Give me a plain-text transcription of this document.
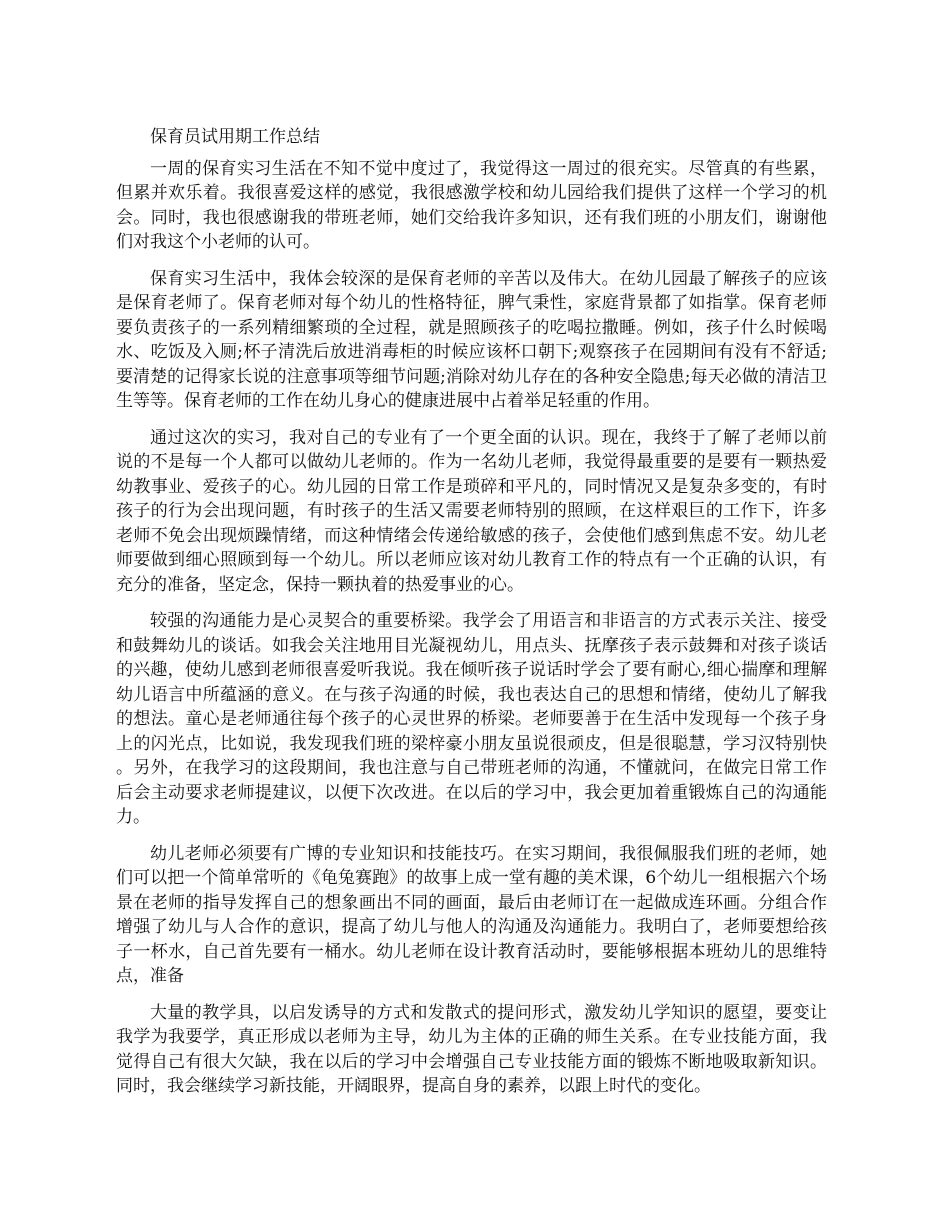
保育员试用期工作总结

一周的保育实习生活在不知不觉中度过了，我觉得这一周过的很充实。尽管真的有些累，但累并欢乐着。我很喜爱这样的感觉，我很感激学校和幼儿园给我们提供了这样一个学习的机会。同时，我也很感谢我的带班老师，她们交给我许多知识，还有我们班的小朋友们，谢谢他们对我这个小老师的认可。

保育实习生活中，我体会较深的是保育老师的辛苦以及伟大。在幼儿园最了解孩子的应该是保育老师了。保育老师对每个幼儿的性格特征，脾气秉性，家庭背景都了如指掌。保育老师要负责孩子的一系列精细繁琐的全过程，就是照顾孩子的吃喝拉撒睡。例如，孩子什么时候喝水、吃饭及入厕;杯子清洗后放进消毒柜的时候应该杯口朝下;观察孩子在园期间有没有不舒适;要清楚的记得家长说的注意事项等细节问题;消除对幼儿存在的各种安全隐患;每天必做的清洁卫生等等。保育老师的工作在幼儿身心的健康进展中占着举足轻重的作用。

通过这次的实习，我对自己的专业有了一个更全面的认识。现在，我终于了解了老师以前说的不是每一个人都可以做幼儿老师的。作为一名幼儿老师，我觉得最重要的是要有一颗热爱幼教事业、爱孩子的心。幼儿园的日常工作是琐碎和平凡的，同时情况又是复杂多变的，有时孩子的行为会出现问题，有时孩子的生活又需要老师特别的照顾，在这样艰巨的工作下，许多老师不免会出现烦躁情绪，而这种情绪会传递给敏感的孩子，会使他们感到焦虑不安。幼儿老师要做到细心照顾到每一个幼儿。所以老师应该对幼儿教育工作的特点有一个正确的认识，有充分的准备，坚定念，保持一颗执着的热爱事业的心。

较强的沟通能力是心灵契合的重要桥梁。我学会了用语言和非语言的方式表示关注、接受和鼓舞幼儿的谈话。如我会关注地用目光凝视幼儿，用点头、抚摩孩子表示鼓舞和对孩子谈话的兴趣，使幼儿感到老师很喜爱听我说。我在倾听孩子说话时学会了要有耐心,细心揣摩和理解幼儿语言中所蕴涵的意义。在与孩子沟通的时候，我也表达自己的思想和情绪，使幼儿了解我的想法。童心是老师通往每个孩子的心灵世界的桥梁。老师要善于在生活中发现每一个孩子身上的闪光点，比如说，我发现我们班的梁梓豪小朋友虽说很顽皮，但是很聪慧，学习汉特别快。另外，在我学习的这段期间，我也注意与自己带班老师的沟通，不懂就问，在做完日常工作后会主动要求老师提建议，以便下次改进。在以后的学习中，我会更加着重锻炼自己的沟通能力。

幼儿老师必须要有广博的专业知识和技能技巧。在实习期间，我很佩服我们班的老师，她们可以把一个简单常听的《龟兔赛跑》的故事上成一堂有趣的美术课，6个幼儿一组根据六个场景在老师的指导发挥自己的想象画出不同的画面，最后由老师订在一起做成连环画。分组合作增强了幼儿与人合作的意识，提高了幼儿与他人的沟通及沟通能力。我明白了，老师要想给孩子一杯水，自己首先要有一桶水。幼儿老师在设计教育活动时，要能够根据本班幼儿的思维特点，准备

大量的教学具，以启发诱导的方式和发散式的提问形式，激发幼儿学知识的愿望，要变让我学为我要学，真正形成以老师为主导，幼儿为主体的正确的师生关系。在专业技能方面，我觉得自己有很大欠缺，我在以后的学习中会增强自己专业技能方面的锻炼不断地吸取新知识。同时，我会继续学习新技能，开阔眼界，提高自身的素养，以跟上时代的变化。
